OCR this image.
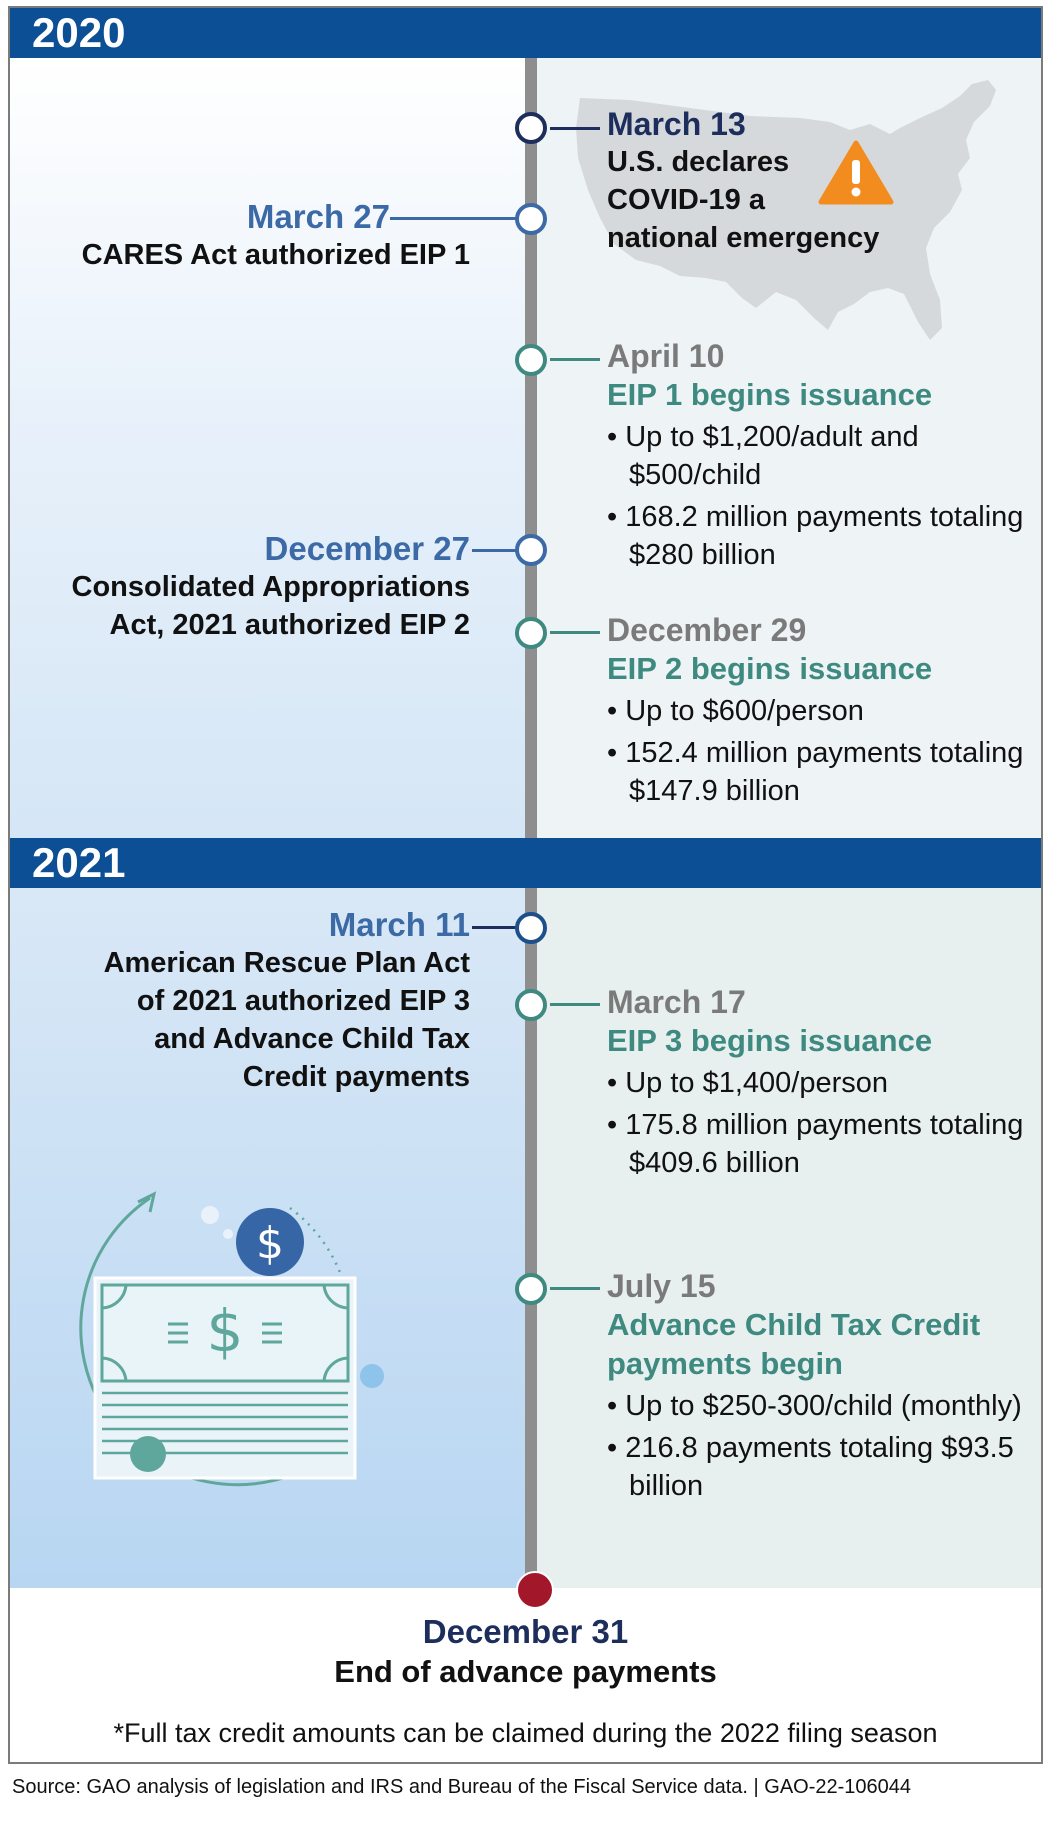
2020
2021
March 13
U.S. declares
COVID-19 a
national emergency
March 27
CARES Act authorized EIP 1
April 10
EIP 1 begins issuance
• Up to $1,200/adult and $500/child
• 168.2 million payments totaling $280 billion
December 27
Consolidated Appropriations
Act, 2021 authorized EIP 2	December 29
EIP 2 begins issuance
• Up to $600/person
• 152.4 million payments totaling $147.9 billion
March 11
American Rescue Plan Act
of 2021 authorized EIP 3
and Advance Child Tax
Credit payments
March 17
EIP 3 begins issuance
• Up to $1,400/person
• 175.8 million payments totaling $409.6 billion
July 15
Advance Child Tax Credit
payments begin
• Up to $250-300/child (monthly)
• 216.8 payments totaling $93.5 billion
$
$
December 31
End of advance payments
*Full tax credit amounts can be claimed during the 2022 filing season
Source: GAO analysis of legislation and IRS and Bureau of the Fiscal Service data. | GAO-22-106044
